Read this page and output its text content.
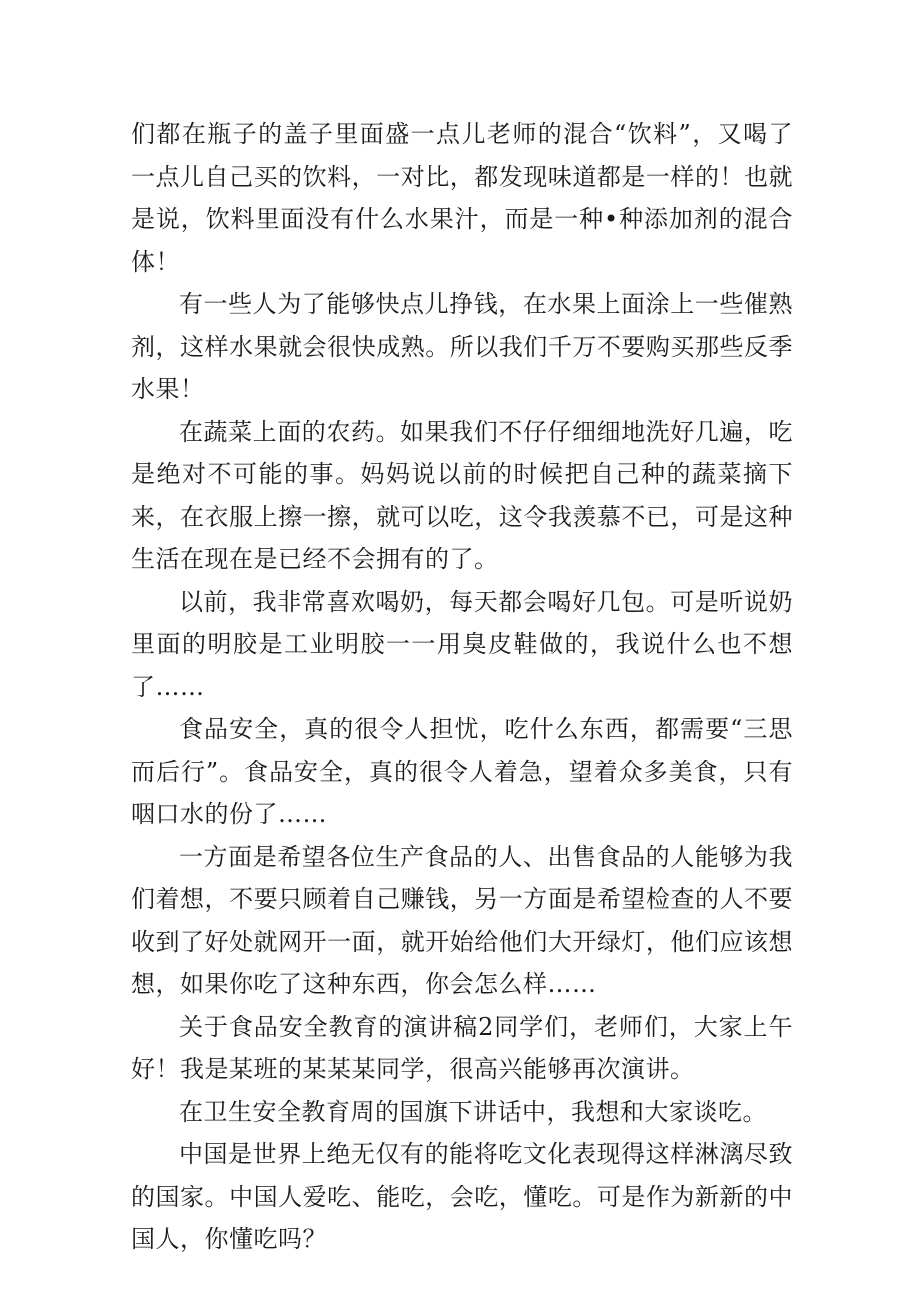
们都在瓶子的盖子里面盛一点儿老师的混合“饮料”，又喝了一点儿自己买的饮料，一对比，都发现味道都是一样的！也就是说，饮料里面没有什么水果汁，而是一种•种添加剂的混合体！

有一些人为了能够快点儿挣钱，在水果上面涂上一些催熟剂，这样水果就会很快成熟。所以我们千万不要购买那些反季水果！

在蔬菜上面的农药。如果我们不仔仔细细地洗好几遍，吃是绝对不可能的事。妈妈说以前的时候把自己种的蔬菜摘下来，在衣服上擦一擦，就可以吃，这令我羡慕不已，可是这种生活在现在是已经不会拥有的了。

以前，我非常喜欢喝奶，每天都会喝好几包。可是听说奶里面的明胶是工业明胶一一用臭皮鞋做的，我说什么也不想了……

食品安全，真的很令人担忧，吃什么东西，都需要“三思而后行”。食品安全，真的很令人着急，望着众多美食，只有咽口水的份了……

一方面是希望各位生产食品的人、出售食品的人能够为我们着想，不要只顾着自己赚钱，另一方面是希望检查的人不要收到了好处就网开一面，就开始给他们大开绿灯，他们应该想想，如果你吃了这种东西，你会怎么样……

关于食品安全教育的演讲稿2同学们，老师们，大家上午好！我是某班的某某某同学，很高兴能够再次演讲。

在卫生安全教育周的国旗下讲话中，我想和大家谈吃。

中国是世界上绝无仅有的能将吃文化表现得这样淋漓尽致的国家。中国人爱吃、能吃，会吃，懂吃。可是作为新新的中国人，你懂吃吗？
